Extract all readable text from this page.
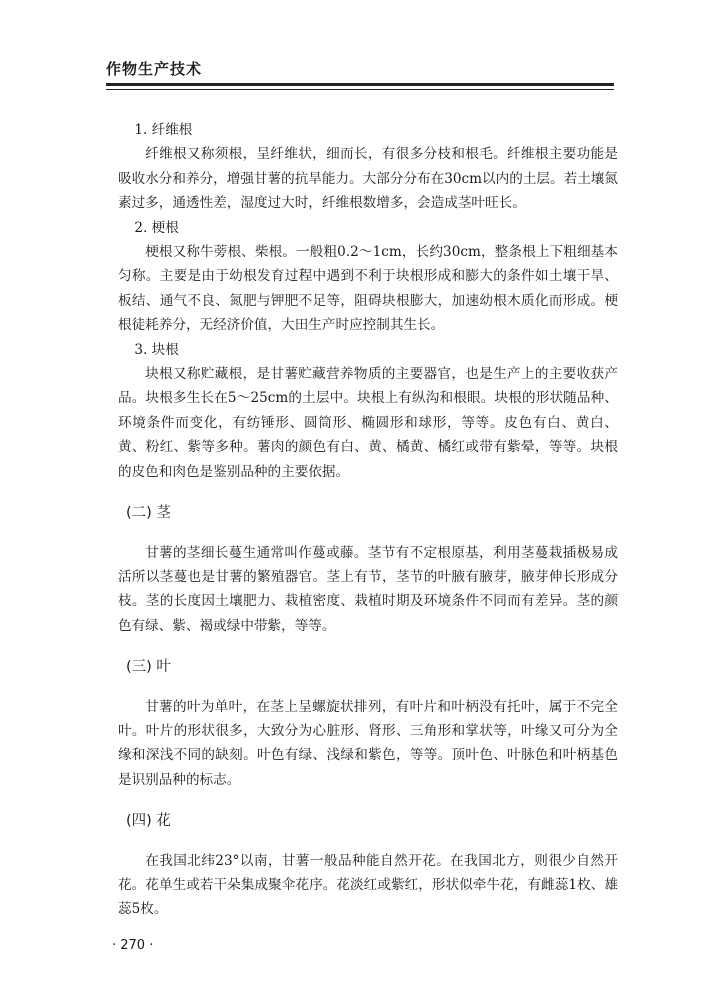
作物生产技术

1. 纤维根

纤维根又称须根，呈纤维状，细而长，有很多分枝和根毛。纤维根主要功能是吸收水分和养分，增强甘薯的抗旱能力。大部分分布在30cm以内的土层。若土壤氮素过多，通透性差，湿度过大时，纤维根数增多，会造成茎叶旺长。

2. 梗根

梗根又称牛蒡根、柴根。一般粗0.2～1cm，长约30cm，整条根上下粗细基本匀称。主要是由于幼根发育过程中遇到不利于块根形成和膨大的条件如土壤干旱、板结、通气不良、氮肥与钾肥不足等，阻碍块根膨大，加速幼根木质化而形成。梗根徒耗养分，无经济价值，大田生产时应控制其生长。

3. 块根

块根又称贮藏根，是甘薯贮藏营养物质的主要器官，也是生产上的主要收获产品。块根多生长在5～25cm的土层中。块根上有纵沟和根眼。块根的形状随品种、环境条件而变化，有纺锤形、圆筒形、椭圆形和球形，等等。皮色有白、黄白、黄、粉红、紫等多种。薯肉的颜色有白、黄、橘黄、橘红或带有紫晕，等等。块根的皮色和肉色是鉴别品种的主要依据。

(二) 茎

甘薯的茎细长蔓生通常叫作蔓或藤。茎节有不定根原基，利用茎蔓栽插极易成活所以茎蔓也是甘薯的繁殖器官。茎上有节，茎节的叶腋有腋芽，腋芽伸长形成分枝。茎的长度因土壤肥力、栽植密度、栽植时期及环境条件不同而有差异。茎的颜色有绿、紫、褐或绿中带紫，等等。

(三) 叶

甘薯的叶为单叶，在茎上呈螺旋状排列，有叶片和叶柄没有托叶，属于不完全叶。叶片的形状很多，大致分为心脏形、肾形、三角形和掌状等，叶缘又可分为全缘和深浅不同的缺刻。叶色有绿、浅绿和紫色，等等。顶叶色、叶脉色和叶柄基色是识别品种的标志。

(四) 花

在我国北纬23°以南，甘薯一般品种能自然开花。在我国北方，则很少自然开花。花单生或若干朵集成聚伞花序。花淡红或紫红，形状似牵牛花，有雌蕊1枚、雄蕊5枚。

· 270 ·
